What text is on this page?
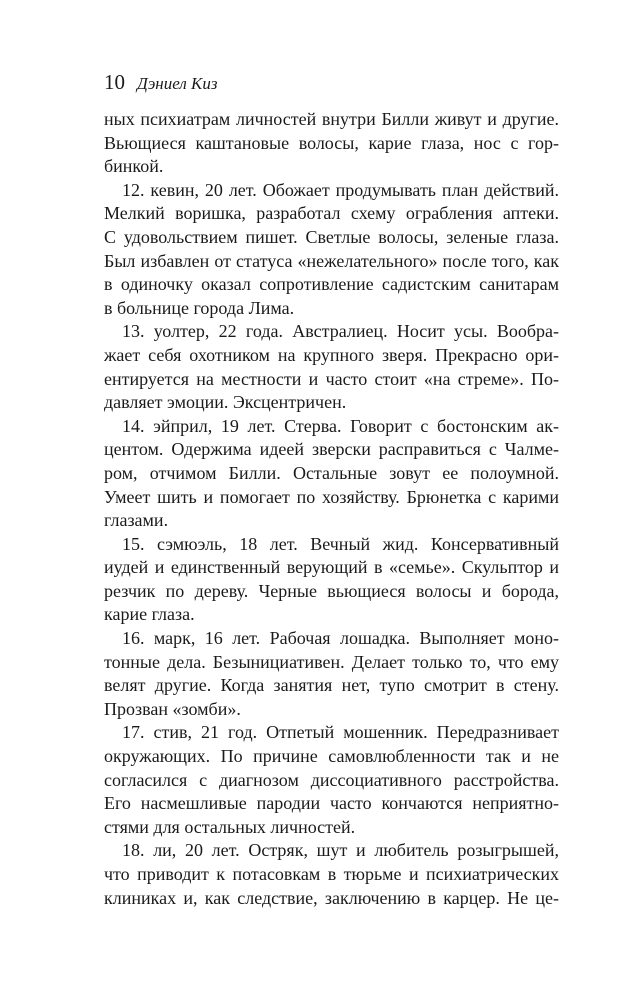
10 Дэниел Киз
ных психиатрам личностей внутри Билли живут и другие.
Вьющиеся каштановые волосы, карие глаза, нос с гор-
бинкой.
12. кевин, 20 лет. Обожает продумывать план действий.
Мелкий воришка, разработал схему ограбления аптеки.
С удовольствием пишет. Светлые волосы, зеленые глаза.
Был избавлен от статуса «нежелательного» после того, как
в одиночку оказал сопротивление садистским санитарам
в больнице города Лима.
13. уолтер, 22 года. Австралиец. Носит усы. Вообра-
жает себя охотником на крупного зверя. Прекрасно ори-
ентируется на местности и часто стоит «на стреме». По-
давляет эмоции. Эксцентричен.
14. эйприл, 19 лет. Стерва. Говорит с бостонским ак-
центом. Одержима идеей зверски расправиться с Чалме-
ром, отчимом Билли. Остальные зовут ее полоумной.
Умеет шить и помогает по хозяйству. Брюнетка с карими
глазами.
15. сэмюэль, 18 лет. Вечный жид. Консервативный
иудей и единственный верующий в «семье». Скульптор и
резчик по дереву. Черные вьющиеся волосы и борода,
карие глаза.
16. марк, 16 лет. Рабочая лошадка. Выполняет моно-
тонные дела. Безынициативен. Делает только то, что ему
велят другие. Когда занятия нет, тупо смотрит в стену.
Прозван «зомби».
17. стив, 21 год. Отпетый мошенник. Передразнивает
окружающих. По причине самовлюбленности так и не
согласился с диагнозом диссоциативного расстройства.
Его насмешливые пародии часто кончаются неприятно-
стями для остальных личностей.
18. ли, 20 лет. Остряк, шут и любитель розыгрышей,
что приводит к потасовкам в тюрьме и психиатрических
клиниках и, как следствие, заключению в карцер. Не це-
